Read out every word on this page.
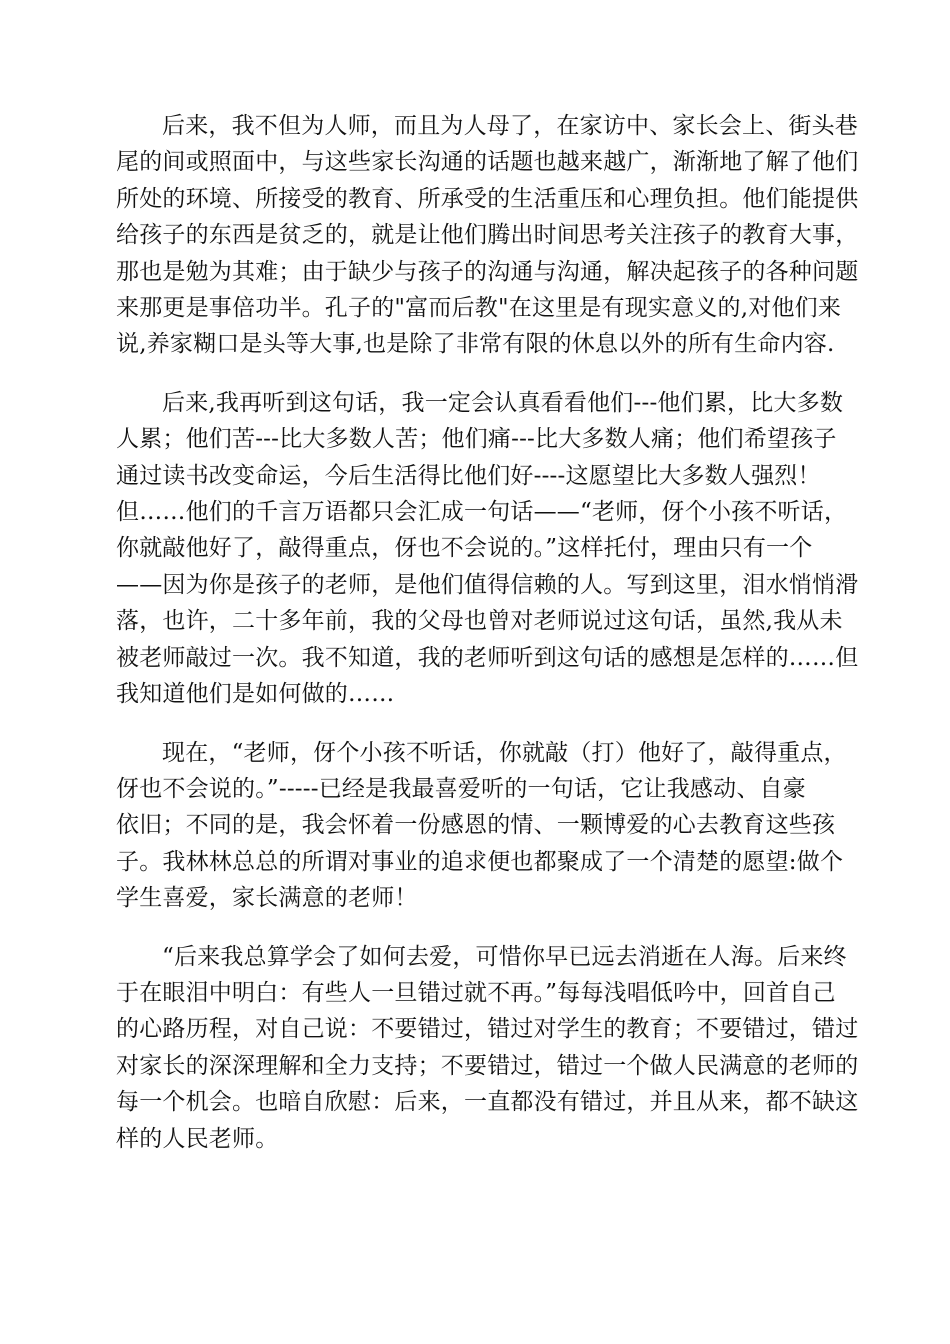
后来，我不但为人师，而且为人母了，在家访中、家长会上、街头巷
尾的间或照面中，与这些家长沟通的话题也越来越广，渐渐地了解了他们
所处的环境、所接受的教育、所承受的生活重压和心理负担。他们能提供
给孩子的东西是贫乏的，就是让他们腾出时间思考关注孩子的教育大事，
那也是勉为其难；由于缺少与孩子的沟通与沟通，解决起孩子的各种问题
来那更是事倍功半。孔子的"富而后教"在这里是有现实意义的,对他们来
说,养家糊口是头等大事,也是除了非常有限的休息以外的所有生命内容.

后来,我再听到这句话，我一定会认真看看他们---他们累，比大多数
人累；他们苦---比大多数人苦；他们痛---比大多数人痛；他们希望孩子
通过读书改变命运，今后生活得比他们好----这愿望比大多数人强烈！
但……他们的千言万语都只会汇成一句话——“老师，伢个小孩不听话，
你就敲他好了，敲得重点，伢也不会说的。”这样托付，理由只有一个
——因为你是孩子的老师，是他们值得信赖的人。写到这里，泪水悄悄滑
落，也许，二十多年前，我的父母也曾对老师说过这句话，虽然,我从未
被老师敲过一次。我不知道，我的老师听到这句话的感想是怎样的……但
我知道他们是如何做的……

现在，“老师，伢个小孩不听话，你就敲（打）他好了，敲得重点，
伢也不会说的。”-----已经是我最喜爱听的一句话，它让我感动、自豪
依旧；不同的是，我会怀着一份感恩的情、一颗博爱的心去教育这些孩
子。我林林总总的所谓对事业的追求便也都聚成了一个清楚的愿望:做个
学生喜爱，家长满意的老师！

“后来我总算学会了如何去爱，可惜你早已远去消逝在人海。后来终
于在眼泪中明白：有些人一旦错过就不再。”每每浅唱低吟中，回首自己
的心路历程，对自己说：不要错过，错过对学生的教育；不要错过，错过
对家长的深深理解和全力支持；不要错过，错过一个做人民满意的老师的
每一个机会。也暗自欣慰：后来，一直都没有错过，并且从来，都不缺这
样的人民老师。
